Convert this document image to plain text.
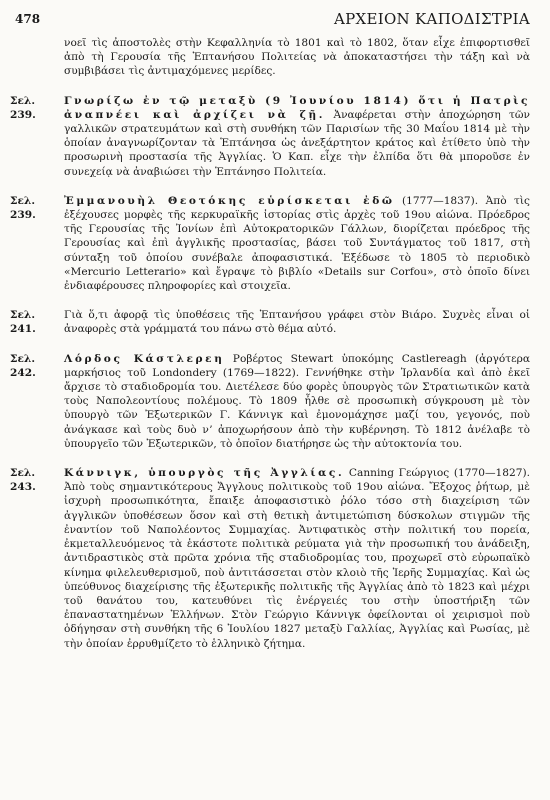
478	ΑΡΧΕΙΟΝ ΚΑΠΟΔΙΣΤΡΙΑ
νοεῖ τὶς ἀποστολὲς στὴν Κεφαλληνία τὸ 1801 καὶ τὸ 1802, ὅταν εἶχε ἐπιφορτισθεῖ ἀπὸ τὴ Γερουσία τῆς Ἑπτανήσου Πολιτείας νὰ ἀποκαταστήσει τὴν τάξη καὶ νὰ συμβιβάσει τὶς ἀντιμαχόμενες μερίδες.
Σελ. 239.
Γνωρίζω ἐν τῷ μεταξὺ (9 Ἰουνίου 1814) ὅτι ἡ Πατρὶς ἀναπνέει καὶ ἀρχίζει νὰ ζῇ. Ἀναφέρεται στὴν ἀποχώρηση τῶν γαλλικῶν στρατευμάτων καὶ στὴ συνθήκη τῶν Παρισίων τῆς 30 Μαΐου 1814 μὲ τὴν ὁποίαν ἀναγνωρίζονταν τὰ Ἑπτάνησα ὡς ἀνεξάρτητον κράτος καὶ ἐτίθετο ὑπὸ τὴν προσωρινὴ προστασία τῆς Ἀγγλίας. Ὁ Καπ. εἶχε τὴν ἐλπίδα ὅτι θὰ μποροῦσε ἐν συνεχείᾳ νὰ ἀναβιώσει τὴν Ἑπτάνησο Πολιτεία.
Σελ. 239.
Ἐμμανουὴλ Θεοτόκης εὑρίσκεται ἐδῶ (1777—1837). Ἀπὸ τὶς ἐξέχουσες μορφὲς τῆς κερκυραϊκῆς ἱστορίας στὶς ἀρχὲς τοῦ 19ου αἰώνα. Πρόεδρος τῆς Γερουσίας τῆς Ἰονίων ἐπὶ Αὐτοκρατορικῶν Γάλλων, διορίζεται πρόεδρος τῆς Γερουσίας καὶ ἐπὶ ἀγγλικῆς προστασίας, βάσει τοῦ Συντάγματος τοῦ 1817, στὴ σύνταξη τοῦ ὁποίου συνέβαλε ἀποφασιστικά. Ἐξέδωσε τὸ 1805 τὸ περιοδικὸ «Mercurio Letterario» καὶ ἔγραψε τὸ βιβλίο «Details sur Corfou», στὸ ὁποῖο δίνει ἐνδιαφέρουσες πληροφορίες καὶ στοιχεῖα.
Σελ. 241.
Γιὰ ὅ,τι ἀφορᾷ τὶς ὑποθέσεις τῆς Ἑπτανήσου γράφει στὸν Βιάρο. Συχνὲς εἶναι οἱ ἀναφορὲς στὰ γράμματά του πάνω στὸ θέμα αὐτό.
Σελ. 242.
Λόρδος Κάστλερεη Ροβέρτος Stewart ὑποκόμης Castlereagh (ἀργότερα μαρκήσιος τοῦ Londondery (1769—1822). Γεννήθηκε στὴν Ἰρλανδία καὶ ἀπὸ ἐκεῖ ἄρχισε τὸ σταδιοδρομία του. Διετέλεσε δύο φορὲς ὑπουργὸς τῶν Στρατιωτικῶν κατὰ τοὺς Ναπολεοντίους πολέμους. Τὸ 1809 ἦλθε σὲ προσωπικὴ σύγκρουση μὲ τὸν ὑπουργὸ τῶν Ἐξωτερικῶν Γ. Κάννιγκ καὶ ἐμονομάχησε μαζί του, γεγονός, ποὺ ἀνάγκασε καὶ τοὺς δυὸ νʼ ἀποχωρήσουν ἀπὸ τὴν κυβέρνηση. Τὸ 1812 ἀνέλαβε τὸ ὑπουργεῖο τῶν Ἐξωτερικῶν, τὸ ὁποῖον διατήρησε ὡς τὴν αὐτοκτονία του.
Σελ. 243.
Κάννιγκ, ὑπουργὸς τῆς Ἀγγλίας. Canning Γεώργιος (1770—1827). Ἀπὸ τοὺς σημαντικότερους Ἄγγλους πολιτικοὺς τοῦ 19ου αἰώνα. Ἔξοχος ῥήτωρ, μὲ ἰσχυρὴ προσωπικότητα, ἔπαιξε ἀποφασιστικὸ ῥόλο τόσο στὴ διαχείριση τῶν ἀγγλικῶν ὑποθέσεων ὅσον καὶ στὴ θετικὴ ἀντιμετώπιση δύσκολων στιγμῶν τῆς ἐναντίον τοῦ Ναπολέοντος Συμμαχίας. Ἀντιφατικὸς στὴν πολιτική του πορεία, ἐκμεταλλευόμενος τὰ ἑκάστοτε πολιτικὰ ρεύματα γιὰ τὴν προσωπική του ἀνάδειξη, ἀντιδραστικὸς στὰ πρῶτα χρόνια τῆς σταδιοδρομίας του, προχωρεῖ στὸ εὐρωπαϊκὸ κίνημα φιλελευθερισμοῦ, ποὺ ἀντιτάσσεται στὸν κλοιὸ τῆς Ἱερῆς Συμμαχίας. Καὶ ὡς ὑπεύθυνος διαχείρισης τῆς ἐξωτερικῆς πολιτικῆς τῆς Ἀγγλίας ἀπὸ τὸ 1823 καὶ μέχρι τοῦ θανάτου του, κατευθύνει τὶς ἐνέργειές του στὴν ὑποστήριξη τῶν ἐπαναστατημένων Ἑλλήνων. Στὸν Γεώργιο Κάννιγκ ὀφείλονται οἱ χειρισμοὶ ποὺ ὁδήγησαν στὴ συνθήκη τῆς 6 Ἰουλίου 1827 μεταξὺ Γαλλίας, Ἀγγλίας καὶ Ρωσίας, μὲ τὴν ὁποίαν ἐρρυθμίζετο τὸ ἑλληνικὸ ζήτημα.
